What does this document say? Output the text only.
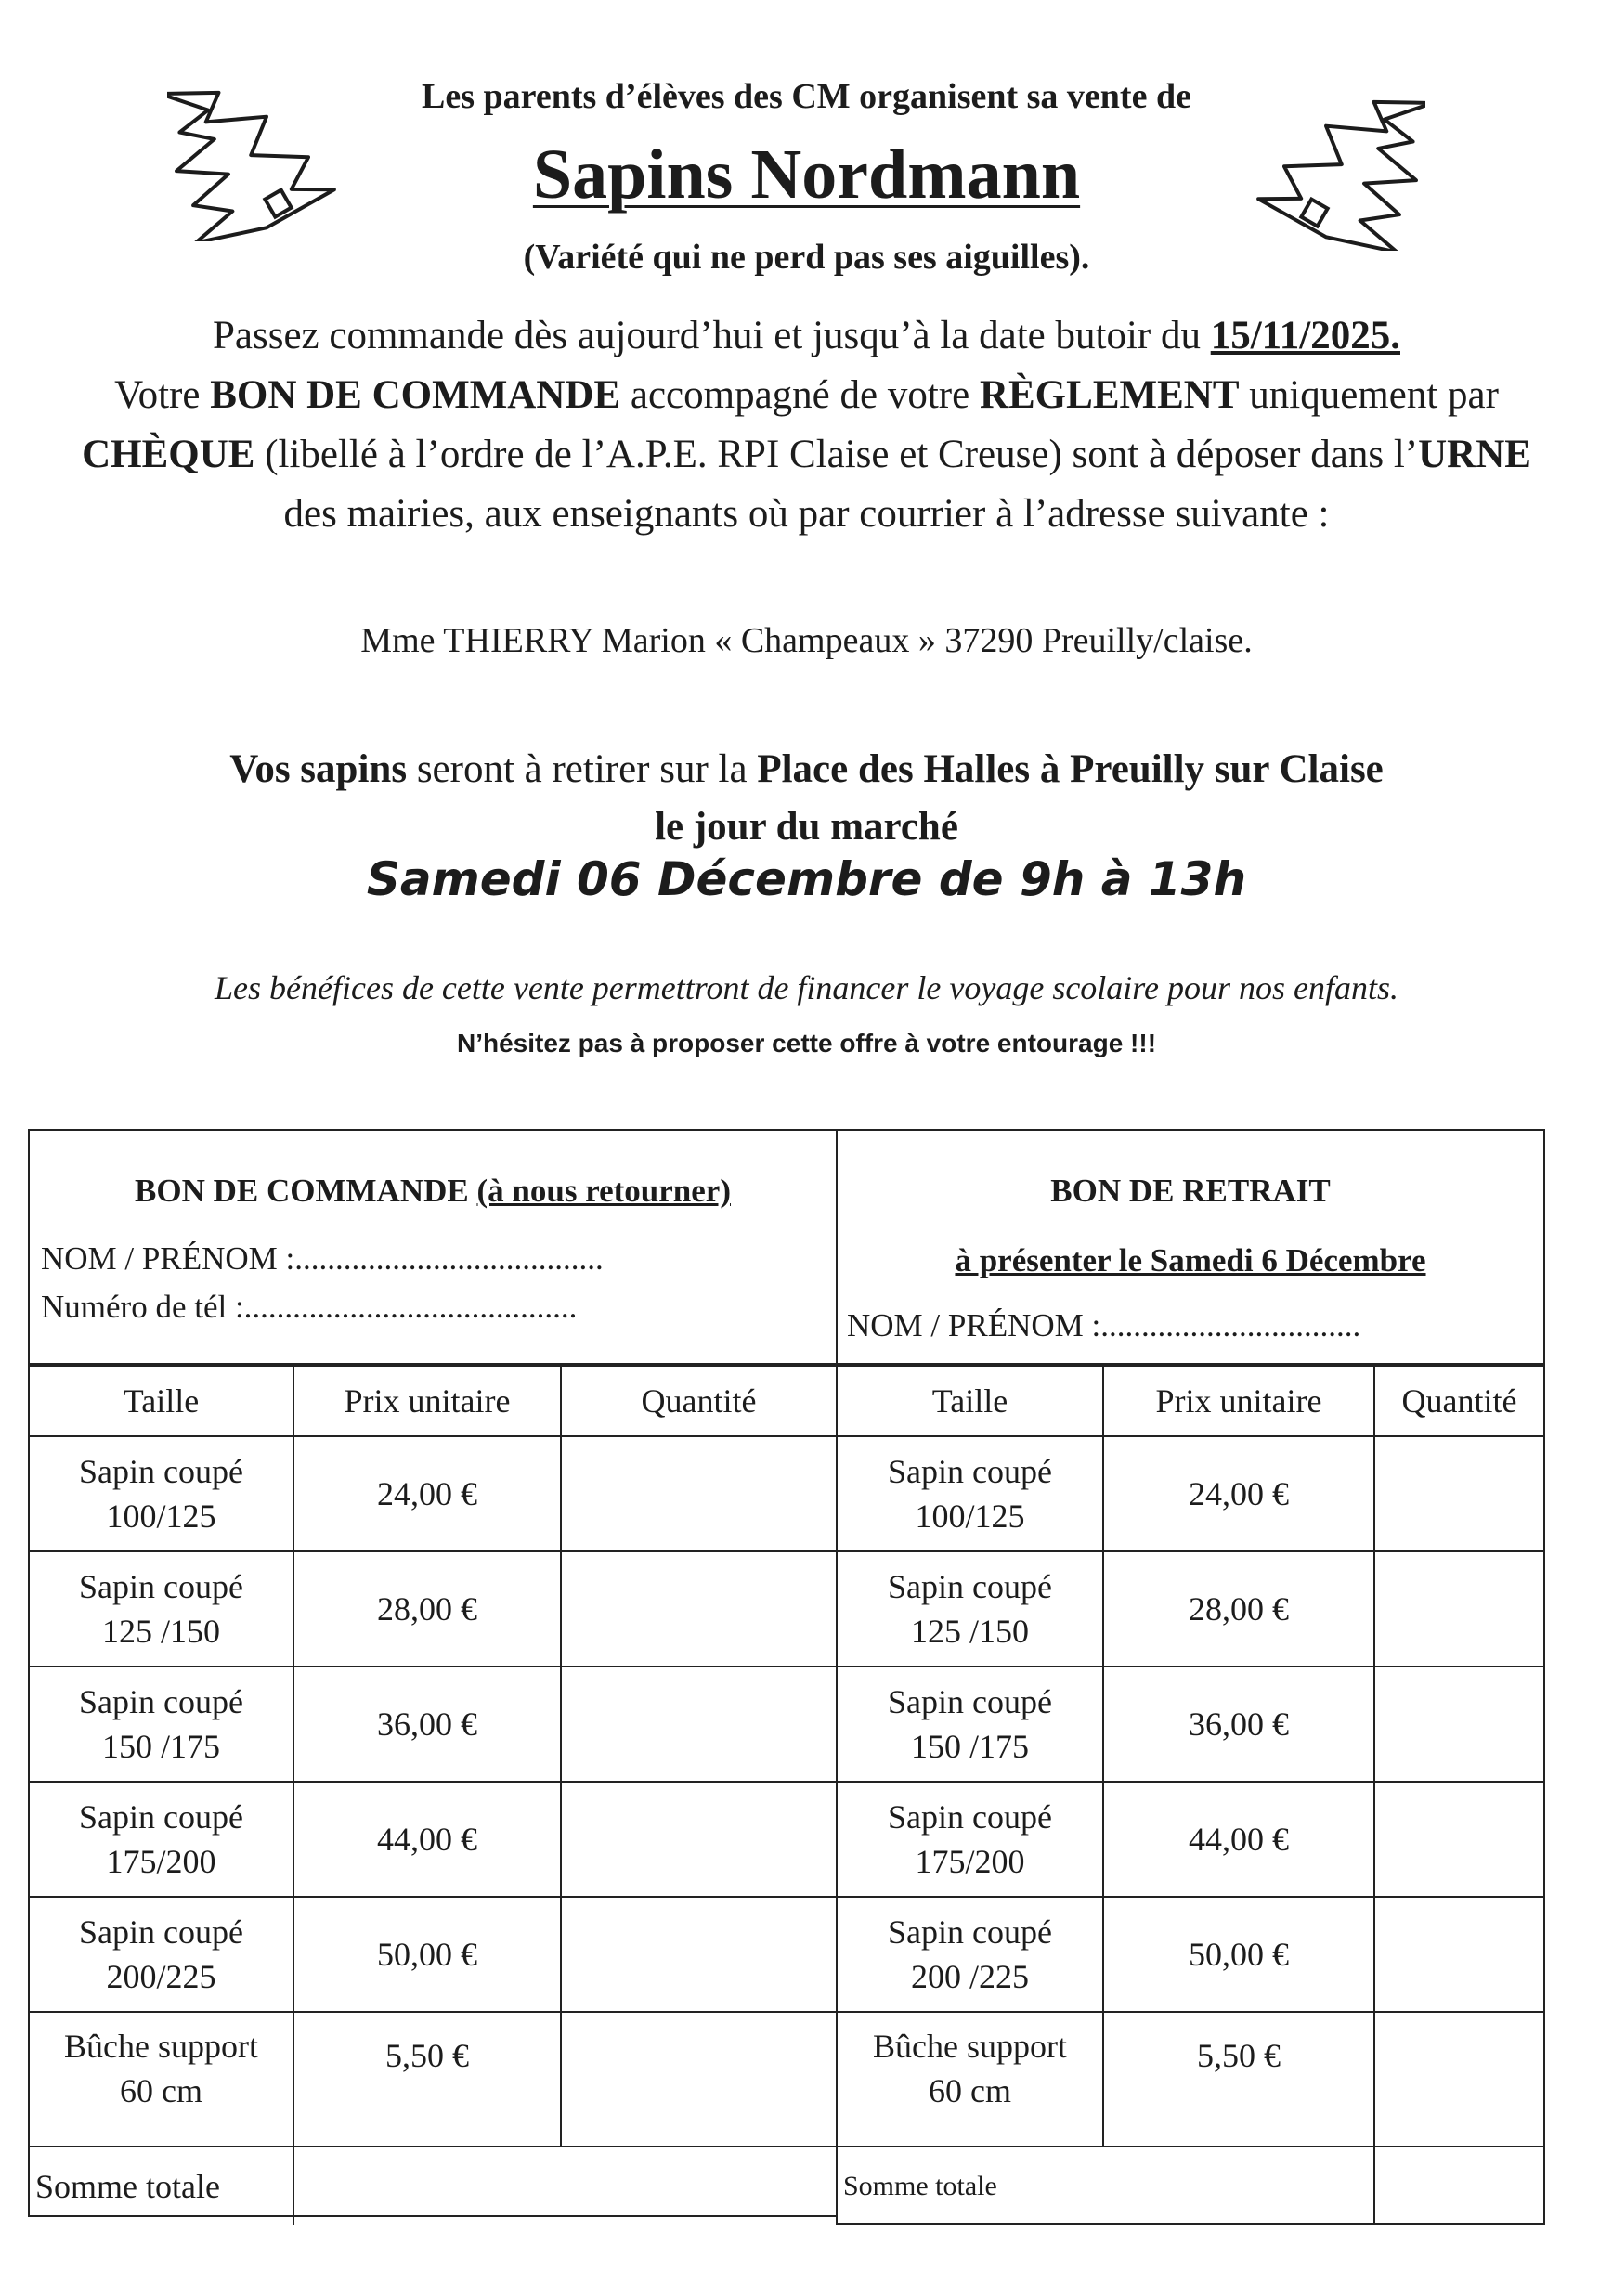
Les parents d’élèves des CM organisent sa vente de
Sapins Nordmann
(Variété qui ne perd pas ses aiguilles).
Passez commande dès aujourd’hui et jusqu’à la date butoir du 15/11/2025.
Votre BON DE COMMANDE accompagné de votre RÈGLEMENT uniquement par CHÈQUE (libellé à l’ordre de l’A.P.E. RPI Claise et Creuse) sont à déposer dans l’URNE des mairies, aux enseignants où par courrier à l’adresse suivante :
Mme THIERRY Marion « Champeaux » 37290 Preuilly/claise.
Vos sapins seront à retirer sur la Place des Halles à Preuilly sur Claise
le jour du marché
Samedi 06 Décembre de 9h à 13h
Les bénéfices de cette vente permettront de financer le voyage scolaire pour nos enfants.
N’hésitez pas à proposer cette offre à votre entourage !!!
BON DE COMMANDE (à nous retourner)
NOM / PRÉNOM :......................................
Numéro de tél :.........................................
Taille	Prix unitaire	Quantité
Sapin coupé
100/125	24,00 €	
Sapin coupé
125 /150	28,00 €	
Sapin coupé
150 /175	36,00 €	
Sapin coupé
175/200	44,00 €	
Sapin coupé
200/225	50,00 €	
Bûche support
60 cm	5,50 €	
Somme totale		
BON DE RETRAIT
à présenter le Samedi 6 Décembre
NOM / PRÉNOM :................................
Taille	Prix unitaire	Quantité
Sapin coupé
100/125	24,00 €	
Sapin coupé
125 /150	28,00 €	
Sapin coupé
150 /175	36,00 €	
Sapin coupé
175/200	44,00 €	
Sapin coupé
200 /225	50,00 €	
Bûche support
60 cm	5,50 €	
Somme totale		
